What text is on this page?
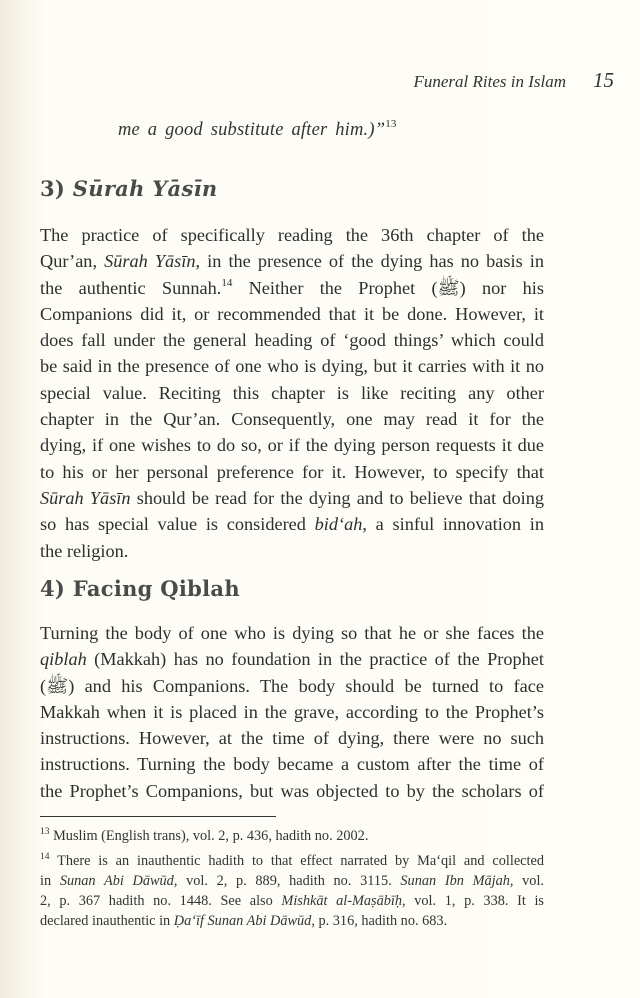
Funeral Rites in Islam 15
me a good substitute after him.)”$^{13}$
3) Sūrah Yāsīn
The practice of specifically reading the 36th chapter of the
Qur’an, Sūrah Yāsīn, in the presence of the dying has no basis in
the authentic Sunnah.$^{14}$ Neither the Prophet (ﷺ) nor his
Companions did it, or recommended that it be done. However, it
does fall under the general heading of ‘good things’ which could
be said in the presence of one who is dying, but it carries with it no
special value. Reciting this chapter is like reciting any other
chapter in the Qur’an. Consequently, one may read it for the
dying, if one wishes to do so, or if the dying person requests it due
to his or her personal preference for it. However, to specify that
Sūrah Yāsīn should be read for the dying and to believe that doing
so has special value is considered bid‘ah, a sinful innovation in
the religion.
4) Facing Qiblah
Turning the body of one who is dying so that he or she faces the
qiblah (Makkah) has no foundation in the practice of the Prophet
(ﷺ) and his Companions. The body should be turned to face
Makkah when it is placed in the grave, according to the Prophet’s
instructions. However, at the time of dying, there were no such
instructions. Turning the body became a custom after the time of
the Prophet’s Companions, but was objected to by the scholars of
$^{13}$ Muslim (English trans), vol. 2, p. 436, hadith no. 2002.
$^{14}$ There is an inauthentic hadith to that effect narrated by Ma‘qil and collected
in Sunan Abi Dāwūd, vol. 2, p. 889, hadith no. 3115. Sunan Ibn Mājah, vol.
2, p. 367 hadith no. 1448. See also Mishkāt al-Maṣābīḥ, vol. 1, p. 338. It is
declared inauthentic in Ḍa‘īf Sunan Abi Dāwūd, p. 316, hadith no. 683.
